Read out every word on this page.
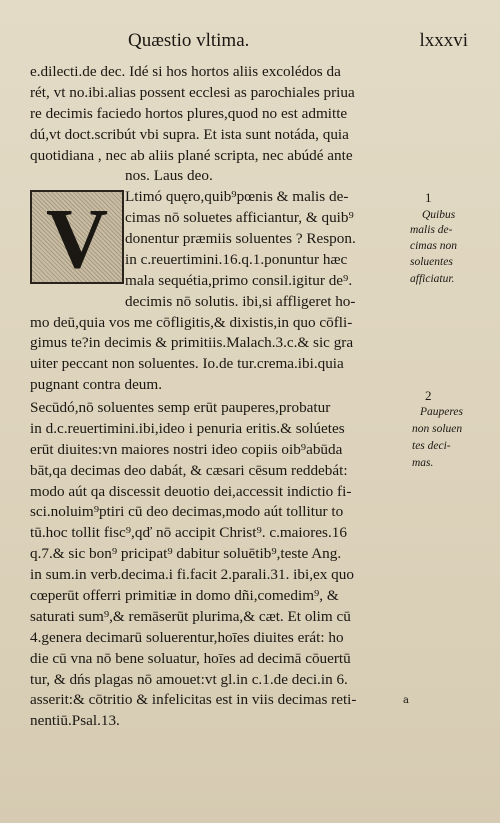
Quæstio vltima.	lxxxvi
e.dilecti.de dec. Idé si hos hortos aliis excolédos da
rét, vt no.ibi.alias possent ecclesi as parochiales priua
re decimis faciedo hortos plures,quod no est admitte
dú,vt doct.scribút vbi supra. Et ista sunt notáda, quia
quotidiana , nec ab aliis plané scripta, nec abúdé ante
nos. Laus deo.
V	Ltimó quęro,quib⁹pœnis & malis de-
cimas nō soluetes afficiantur, & quib⁹
donentur præmiis soluentes ? Respon.
in c.reuertimini.16.q.1.ponuntur hæc
mala sequétia,primo consil.igitur de⁹.
decimis nō solutis. ibi,si affligeret ho-
mo deū,quia vos me cōfligitis,& dixistis,in quo cōfli-
gimus te?in decimis & primitiis.Malach.3.c.& sic gra
uiter peccant non soluentes. Io.de tur.crema.ibi.quia
pugnant contra deum.
Secūdó,nō soluentes semp erūt pauperes,probatur
in d.c.reuertimini.ibi,ideo i penuria eritis.& solúetes
erūt diuites:vn maiores nostri ideo copiis oib⁹abūda
bāt,qa decimas deo dabát, & cæsari cēsum reddebát:
modo aút qa discessit deuotio dei,accessit indictio fi-
sci.noluim⁹ptiri cū deo decimas,modo aút tollitur to
tū.hoc tollit fisc⁹,qď nō accipit Christ⁹. c.maiores.16
q.7.& sic bon⁹ pricipat⁹ dabitur soluētib⁹,teste Ang.
in sum.in verb.decima.i fi.facit 2.parali.31. ibi,ex quo
cœperūt offerri primitiæ in domo dñi,comedim⁹, &
saturati sum⁹,& remāserūt plurima,& cæt. Et olim cū
4.genera decimarū soluerentur,hoīes diuites erát: ho
die cū vna nō bene soluatur, hoīes ad decimā cōuertū
tur, & dńs plagas nō amouet:vt gl.in c.1.de deci.in 6.
asserit:& cōtritio & infelicitas est in viis decimas reti-
nentiū.Psal.13.
1
Quibus
malis de-
cimas non
soluentes
afficiatur.
2
Pauperes
non soluen
tes deci-
mas.
a
